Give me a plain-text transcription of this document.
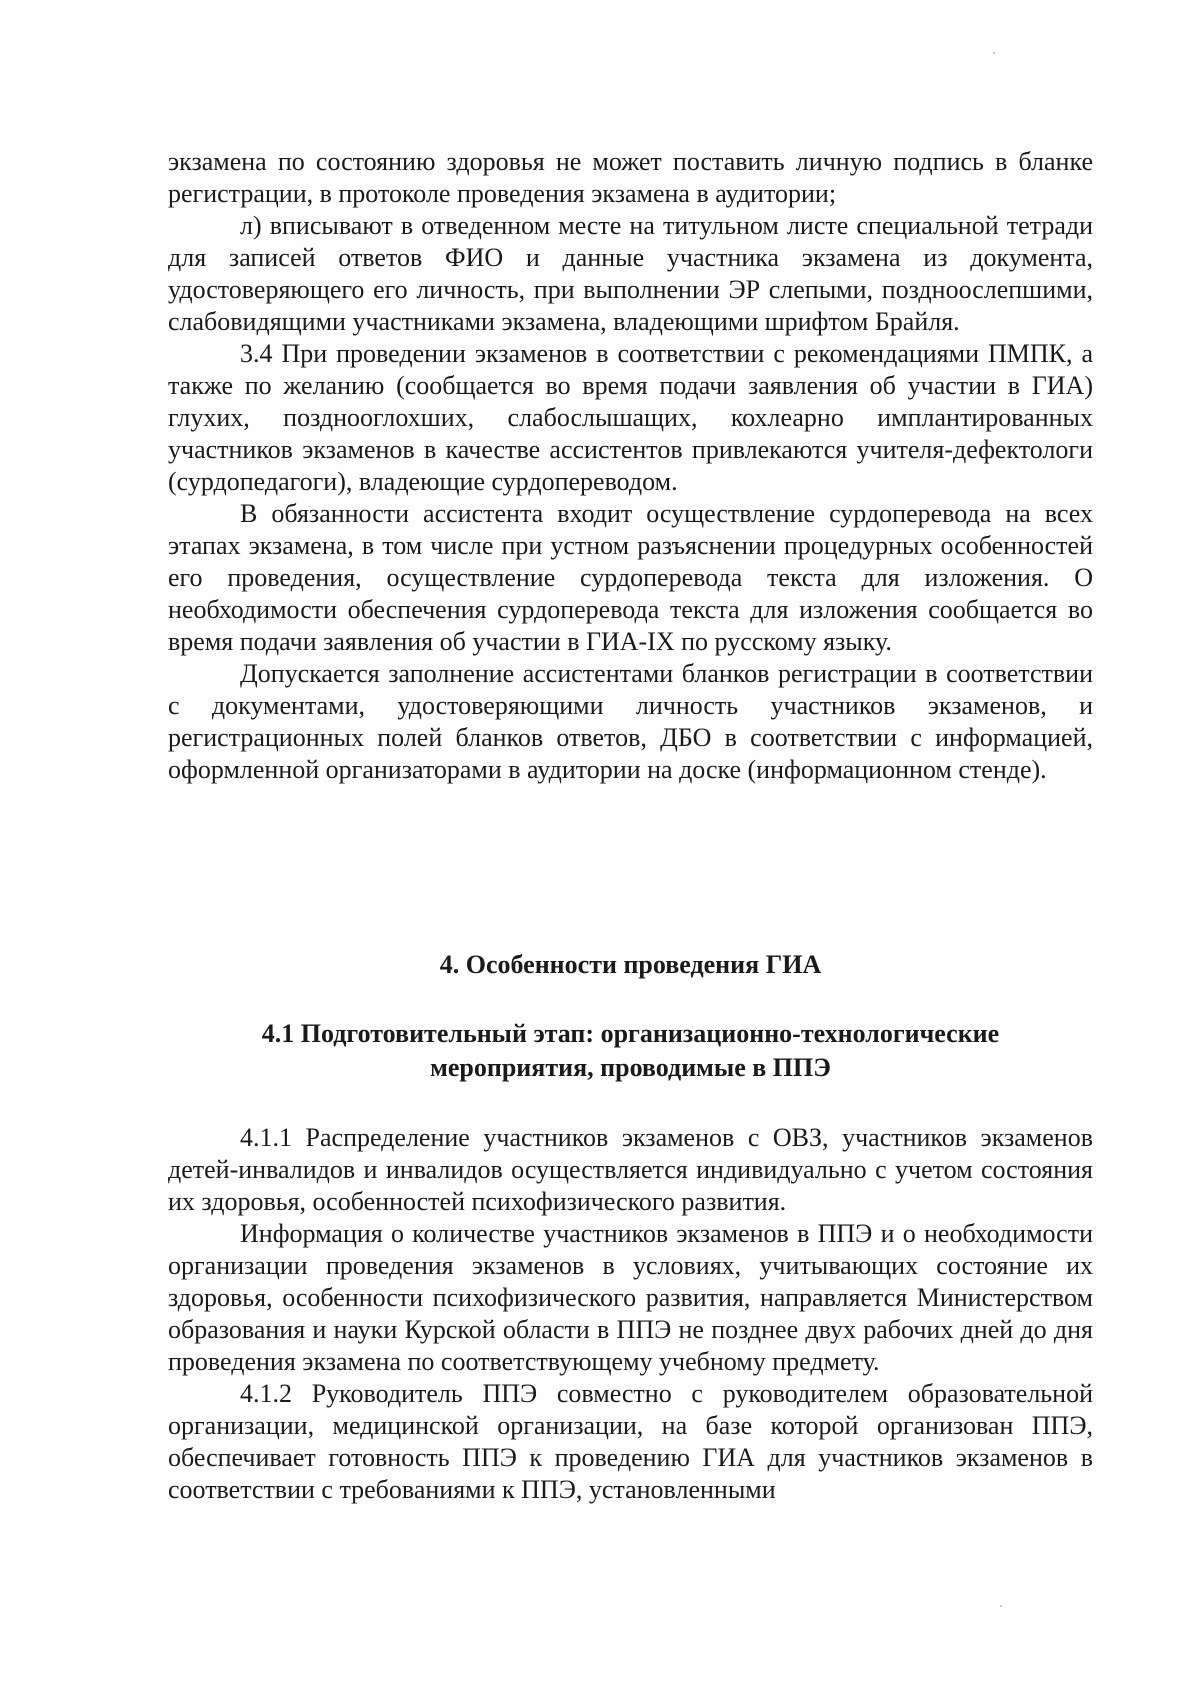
экзамена по состоянию здоровья не может поставить личную подпись в бланке регистрации, в протоколе проведения экзамена в аудитории;

л) вписывают в отведенном месте на титульном листе специальной тетради для записей ответов ФИО и данные участника экзамена из документа, удостоверяющего его личность, при выполнении ЭР слепыми, поздноослепшими, слабовидящими участниками экзамена, владеющими шрифтом Брайля.

3.4 При проведении экзаменов в соответствии с рекомендациями ПМПК, а также по желанию (сообщается во время подачи заявления об участии в ГИА) глухих, позднооглохших, слабослышащих, кохлеарно имплантированных участников экзаменов в качестве ассистентов привлекаются учителя-дефектологи (сурдопедагоги), владеющие сурдопереводом.

В обязанности ассистента входит осуществление сурдоперевода на всех этапах экзамена, в том числе при устном разъяснении процедурных особенностей его проведения, осуществление сурдоперевода текста для изложения. О необходимости обеспечения сурдоперевода текста для изложения сообщается во время подачи заявления об участии в ГИА-IX по русскому языку.

Допускается заполнение ассистентами бланков регистрации в соответствии с документами, удостоверяющими личность участников экзаменов, и регистрационных полей бланков ответов, ДБО в соответствии с информацией, оформленной организаторами в аудитории на доске (информационном стенде).

4. Особенности проведения ГИА
4.1 Подготовительный этап: организационно-технологические
мероприятия, проводимые в ППЭ

4.1.1 Распределение участников экзаменов с ОВЗ, участников экзаменов детей-инвалидов и инвалидов осуществляется индивидуально с учетом состояния их здоровья, особенностей психофизического развития.

Информация о количестве участников экзаменов в ППЭ и о необходимости организации проведения экзаменов в условиях, учитывающих состояние их здоровья, особенности психофизического развития, направляется Министерством образования и науки Курской области в ППЭ не позднее двух рабочих дней до дня проведения экзамена по соответствующему учебному предмету.

4.1.2 Руководитель ППЭ совместно с руководителем образовательной организации, медицинской организации, на базе которой организован ППЭ, обеспечивает готовность ППЭ к проведению ГИА для участников экзаменов в соответствии с требованиями к ППЭ, установленными
